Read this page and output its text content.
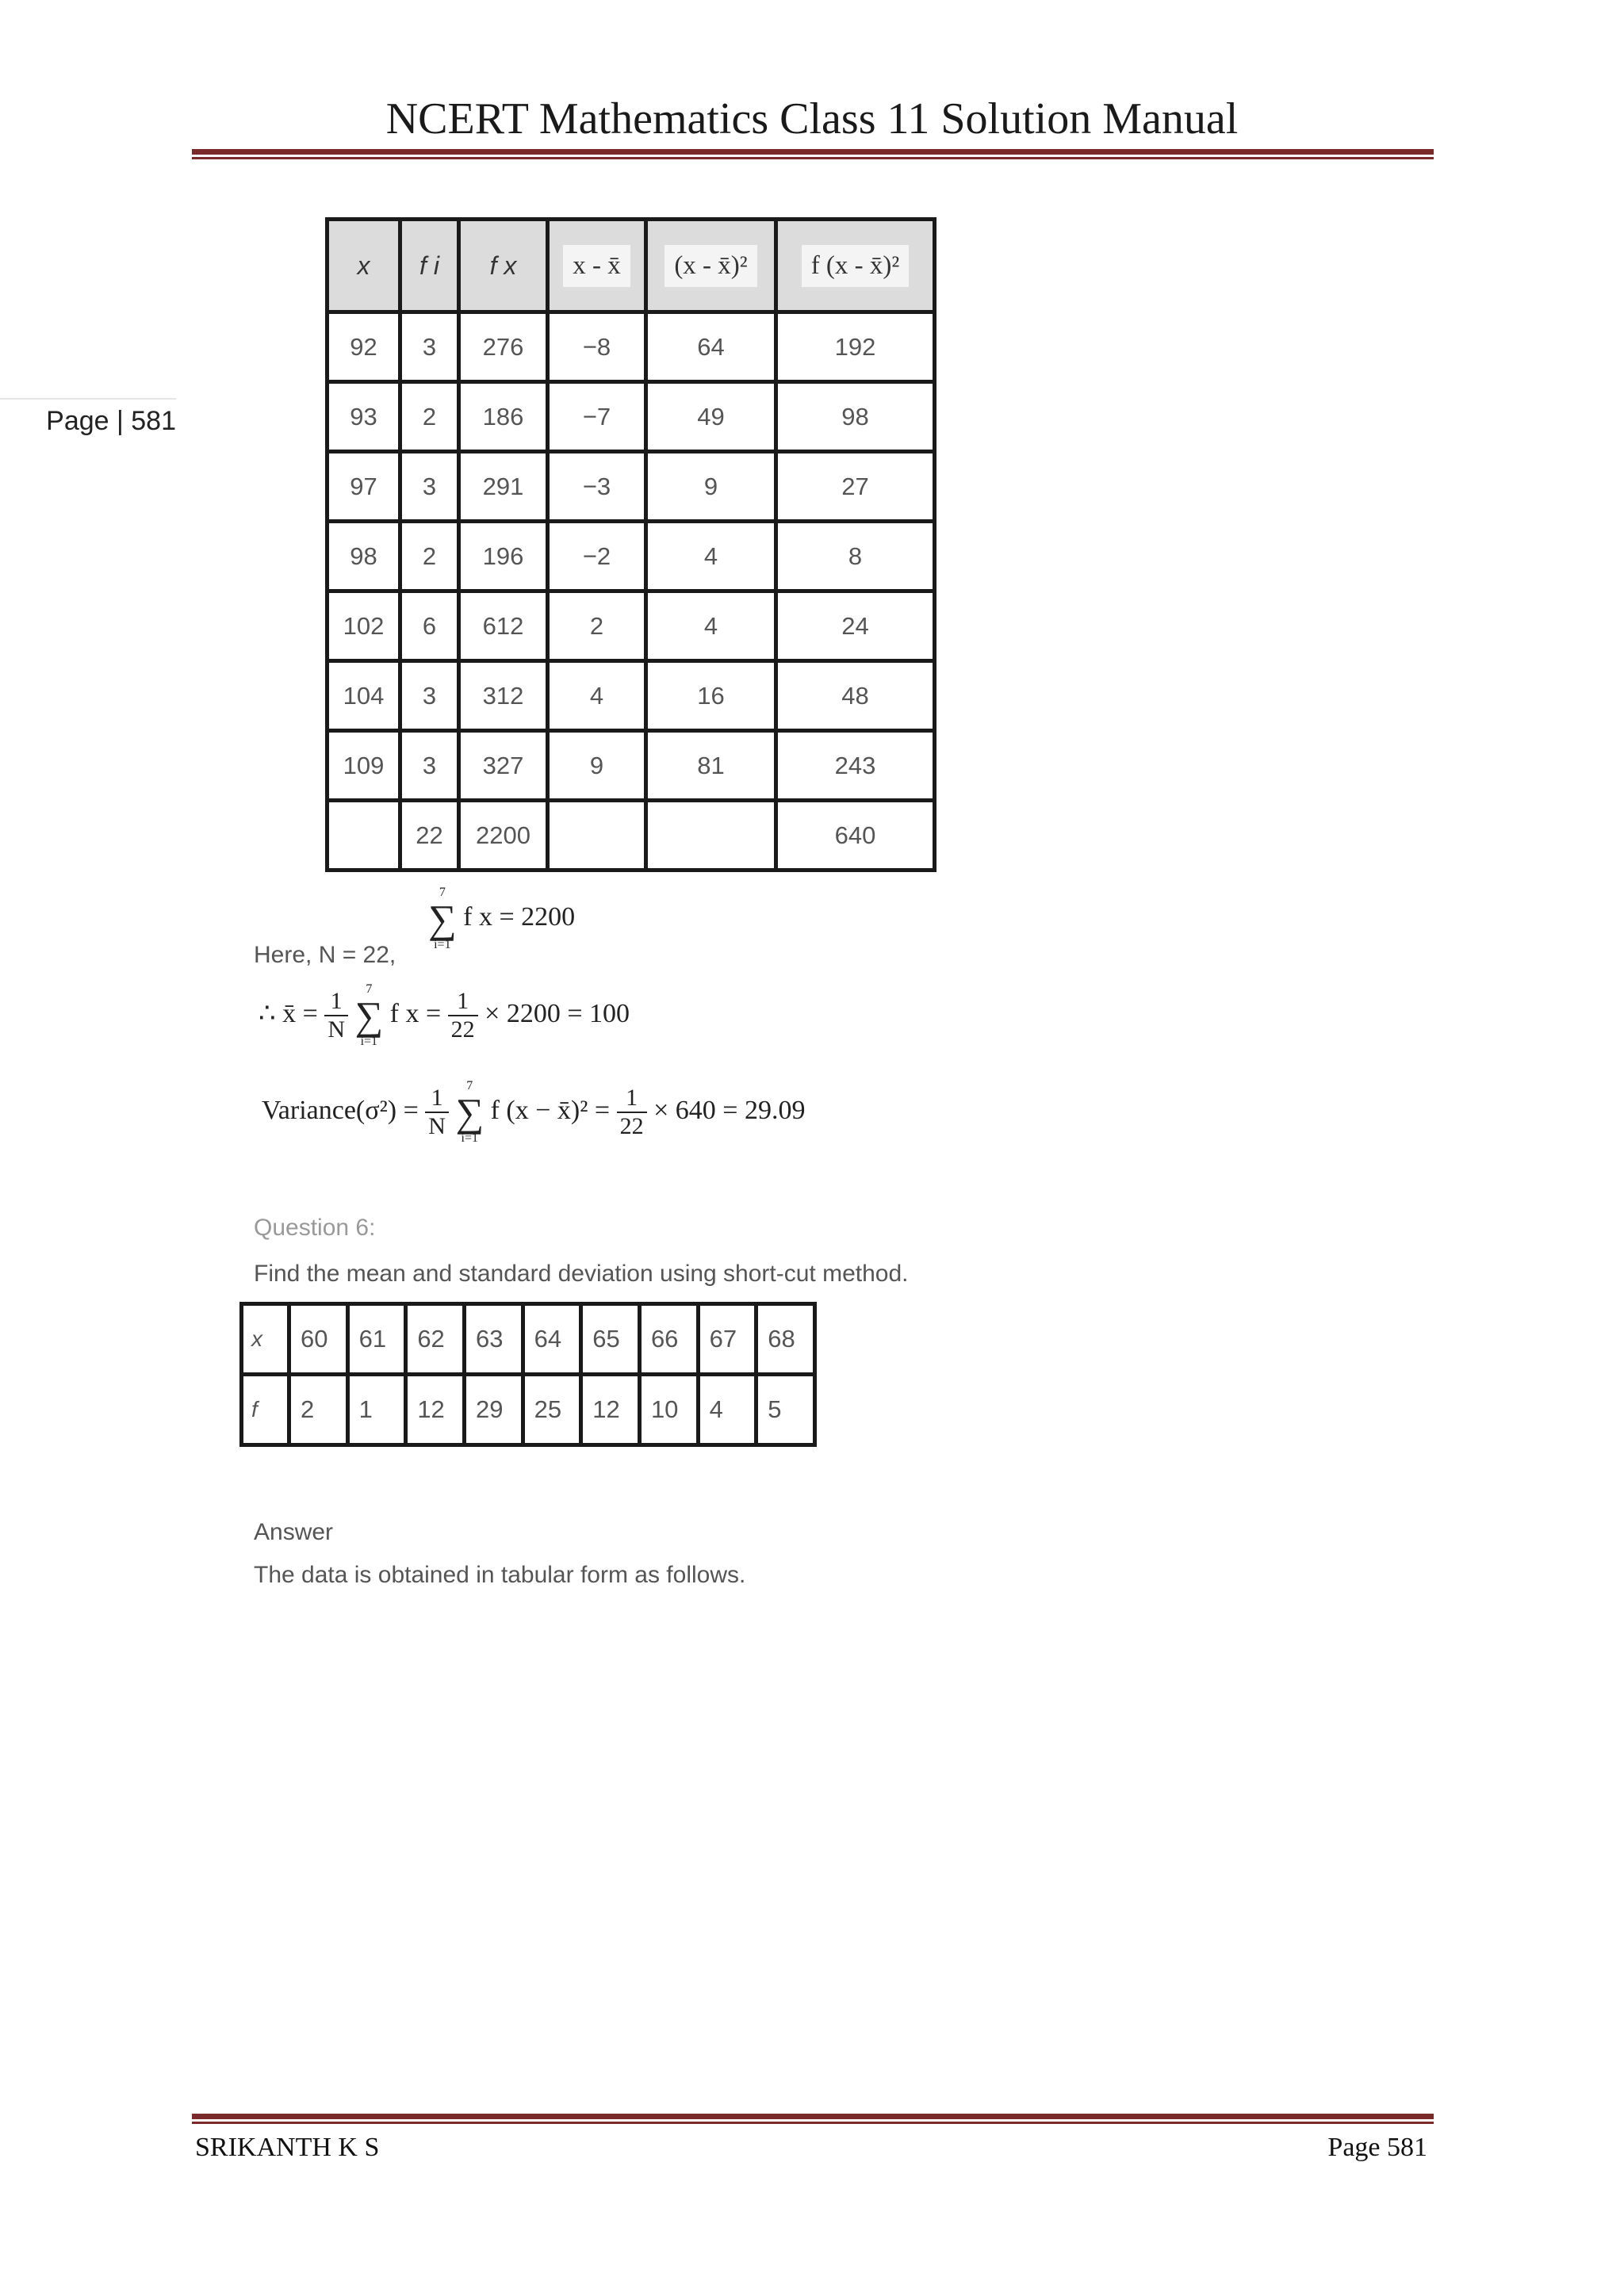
NCERT Mathematics Class 11 Solution Manual
Page | 581
x	f i	f x	x - x̄	(x - x̄)²	f (x - x̄)²
92	3	276	−8	64	192
93	2	186	−7	49	98
97	3	291	−3	9	27
98	2	196	−2	4	8
102	6	612	2	4	24
104	3	312	4	16	48
109	3	327	9	81	243
	22	2200			640
7
∑
i=1
f x = 2200
Here, N = 22,
∴ x̄ = $\frac{1}{N}$
	7
∑
i=1
f $x = \frac{1}{22} \times 2200 = 100$
Variance(σ²) = $\frac{1}{N}$
	7
∑
i=1
f (x − x̄)² = $\frac{1}{22} \times 640 = 29.09$
Question 6:
Find the mean and standard deviation using short-cut method.
x	60	61	62	63	64	65	66	67	68
f	2	1	12	29	25	12	10	4	5
Answer
The data is obtained in tabular form as follows.
SRIKANTH K S	Page 581
